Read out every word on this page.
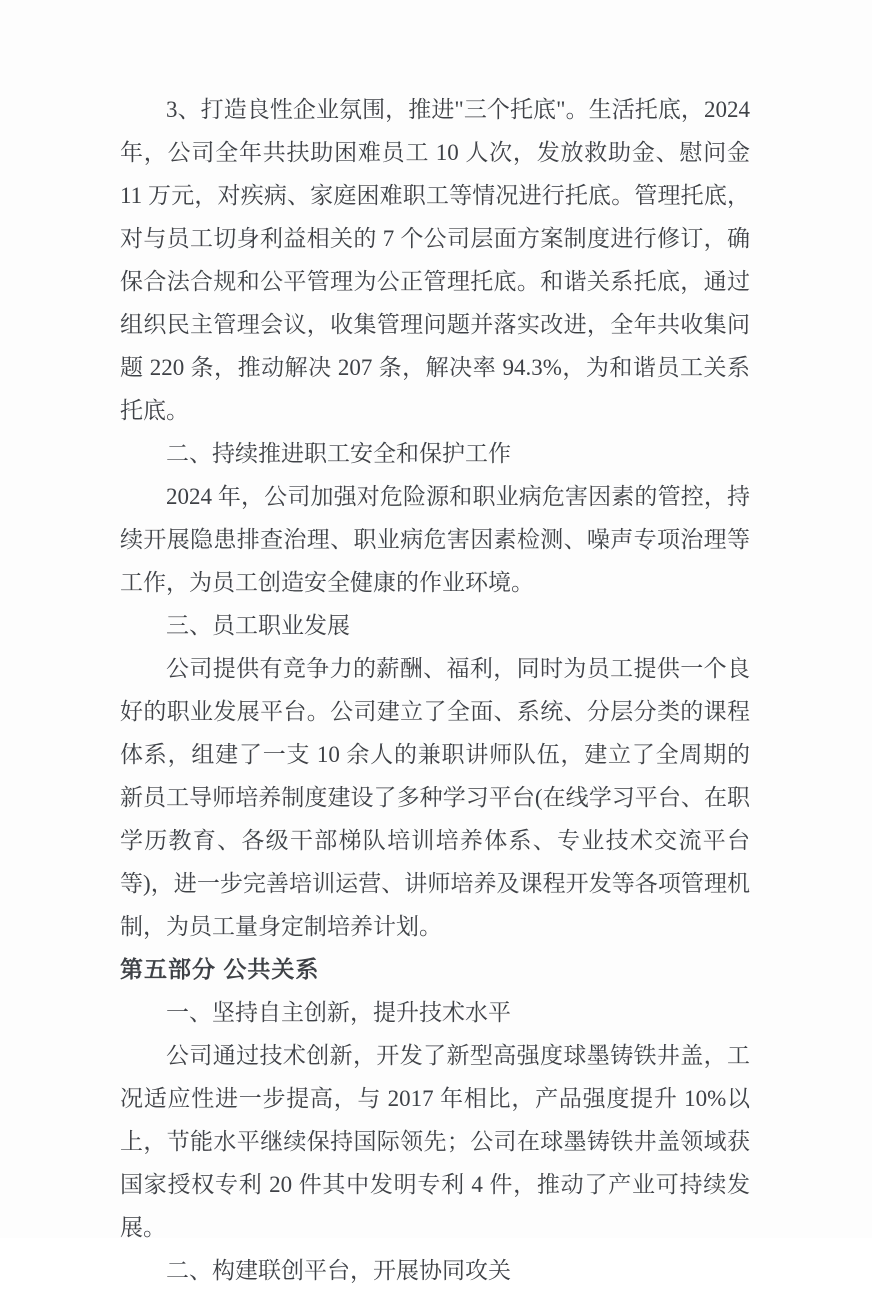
3、打造良性企业氛围，推进"三个托底"。生活托底，2024 年，公司全年共扶助困难员工 10 人次，发放救助金、慰问金 11 万元，对疾病、家庭困难职工等情况进行托底。管理托底，对与员工切身利益相关的 7 个公司层面方案制度进行修订，确保合法合规和公平管理为公正管理托底。和谐关系托底，通过组织民主管理会议，收集管理问题并落实改进，全年共收集问题 220 条，推动解决 207 条，解决率 94.3%，为和谐员工关系托底。

二、持续推进职工安全和保护工作

2024 年，公司加强对危险源和职业病危害因素的管控，持续开展隐患排查治理、职业病危害因素检测、噪声专项治理等工作，为员工创造安全健康的作业环境。

三、员工职业发展

公司提供有竞争力的薪酬、福利，同时为员工提供一个良好的职业发展平台。公司建立了全面、系统、分层分类的课程体系，组建了一支 10 余人的兼职讲师队伍，建立了全周期的新员工导师培养制度建设了多种学习平台(在线学习平台、在职学历教育、各级干部梯队培训培养体系、专业技术交流平台等)，进一步完善培训运营、讲师培养及课程开发等各项管理机制，为员工量身定制培养计划。

第五部分 公共关系

一、坚持自主创新，提升技术水平

公司通过技术创新，开发了新型高强度球墨铸铁井盖，工况适应性进一步提高，与 2017 年相比，产品强度提升 10%以上，节能水平继续保持国际领先；公司在球墨铸铁井盖领域获国家授权专利 20 件其中发明专利 4 件，推动了产业可持续发展。

二、构建联创平台，开展协同攻关
